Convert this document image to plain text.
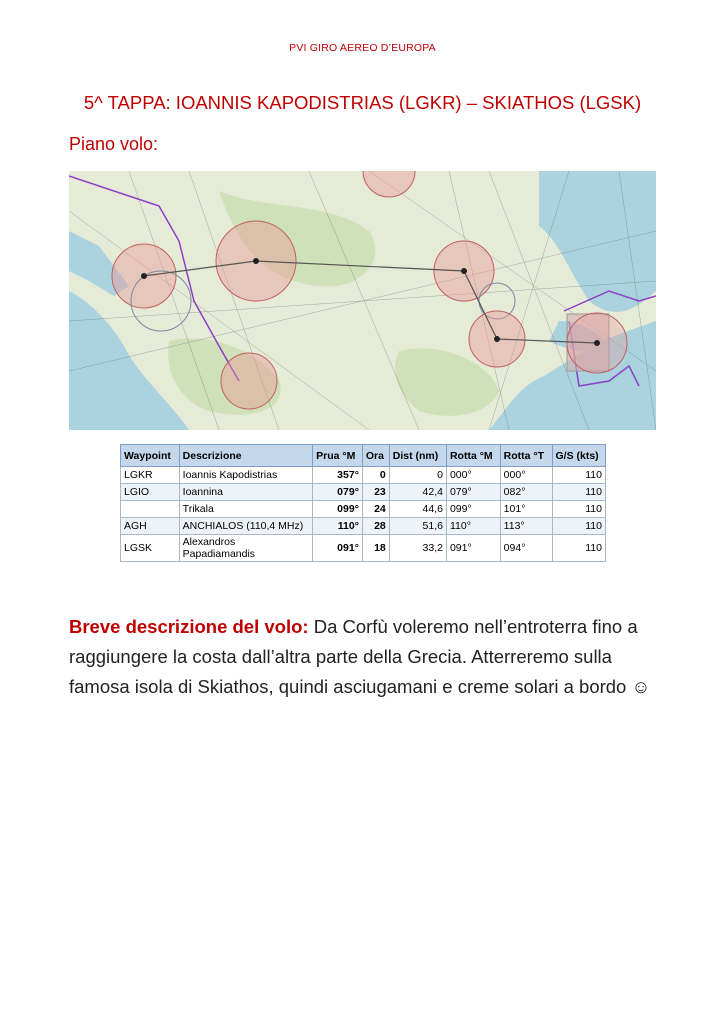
PVI GIRO AEREO D’EUROPA
5^ TAPPA: IOANNIS KAPODISTRIAS (LGKR) – SKIATHOS (LGSK)
Piano volo:
Waypoint	Descrizione	Prua °M	Ora	Dist (nm)	Rotta °M	Rotta °T	G/S (kts)
LGKR	Ioannis Kapodistrias	357°	0	0	000°	000°	110
LGIO	Ioannina	079°	23	42,4	079°	082°	110
	Trikala	099°	24	44,6	099°	101°	110
AGH	ANCHIALOS (110,4 MHz)	110°	28	51,6	110°	113°	110
LGSK	Alexandros Papadiamandis	091°	18	33,2	091°	094°	110
Breve descrizione del volo: Da Corfù voleremo nell’entroterra fino a raggiungere la costa dall’altra parte della Grecia. Atterreremo sulla famosa isola di Skiathos, quindi asciugamani e creme solari a bordo ☺
